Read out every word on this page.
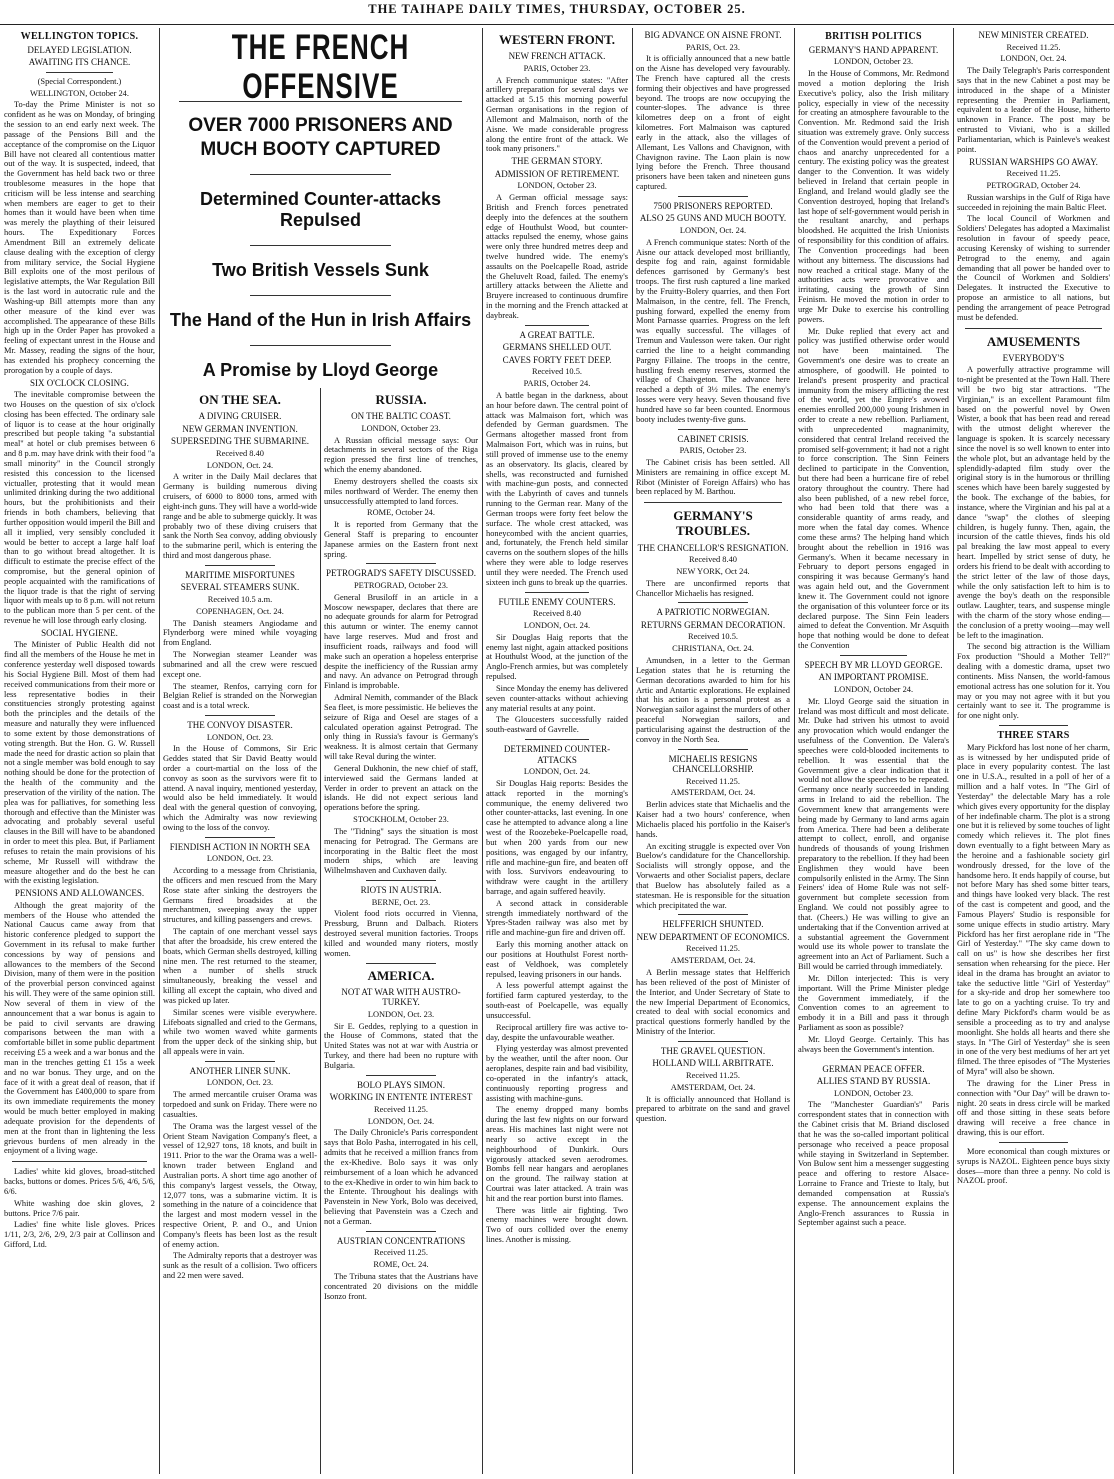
THE TAIHAPE DAILY TIMES, THURSDAY, OCTOBER 25.
WELLINGTON TOPICS.
DELAYED LEGISLATION.
AWAITING ITS CHANCE.
(Special Correspondent.)
WELLINGTON, October 24.

To-day the Prime Minister is not so confident as he was on Monday, of bringing the session to an end early next week. The passage of the Pensions Bill and the acceptance of the compromise on the Liquor Bill have not cleared all contentious matter out of the way. It is suspected, indeed, that the Government has held back two or three troublesome measures in the hope that criticism will be less intense and searching when members are eager to get to their homes than it would have been when time was merely the plaything of their leisured hours. The Expeditionary Forces Amendment Bill an extremely delicate clause dealing with the exception of clergy from military service, the Social Hygiene Bill exploits one of the most perilous of legislative attempts, the War Regulation Bill is the last word in autocratic rule and the Washing-up Bill attempts more than any other measure of the kind ever was accomplished. The appearance of these Bills high up in the Order Paper has provoked a feeling of expectant unrest in the House and Mr. Massey, reading the signs of the hour, has extended his prophecy concerning the prorogation by a couple of days.

SIX O'CLOCK CLOSING.

The inevitable compromise between the two Houses on the question of six o'clock closing has been effected. The ordinary sale of liquor is to cease at the hour originally prescribed but people taking "a substantial meal" at hotel or club premises between 6 and 8 p.m. may have drink with their food "a small minority" in the Council strongly resisted this concession to the licensed victualler, protesting that it would mean unlimited drinking during the two additional hours, but the prohibitionists and their friends in both chambers, believing that further opposition would imperil the Bill and all it implied, very sensibly concluded it would be better to accept a large half loaf than to go without bread altogether. It is difficult to estimate the precise effect of the compromise, but the general opinion of people acquainted with the ramifications of the liquor trade is that the right of serving liquor with meals up to 8 p.m. will not return to the publican more than 5 per cent. of the revenue he will lose through early closing.

SOCIAL HYGIENE.

The Minister of Public Health did not find all the members of the House he met in conference yesterday well disposed towards his Social Hygiene Bill. Most of them had received communications from their more or less representative bodies in their constituencies strongly protesting against both the principles and the details of the measure and naturally they were influenced to some extent by those demonstrations of voting strength. But the Hon. G. W. Russell made the need for drastic action so plain that not a single member was bold enough to say nothing should be done for the protection of the health of the community and the preservation of the virility of the nation. The plea was for palliatives, for something less thorough and effective than the Minister was advocating and probably several useful clauses in the Bill will have to be abandoned in order to meet this plea. But, if Parliament refuses to retain the main provisions of his scheme, Mr Russell will withdraw the measure altogether and do the best he can with the existing legislation.

PENSIONS AND ALLOWANCES.

Although the great majority of the members of the House who attended the National Caucus came away from that historic conference pledged to support the Government in its refusal to make further concessions by way of pensions and allowances to the members of the Second Division, many of them were in the position of the proverbial person convinced against his will. They were of the same opinion still. Now several of them in view of the announcement that a war bonus is again to be paid to civil servants are drawing comparisons between the man with a comfortable billet in some public department receiving £5 a week and a war bonus and the man in the trenches getting £1 15s a week and no war bonus. They urge, and on the face of it with a great deal of reason, that if the Government has £400,000 to spare from its own immediate requirements the money would be much better employed in making adequate provision for the dependents of men at the front than in lightening the less grievous burdens of men already in the enjoyment of a living wage.

Ladies' white kid gloves, broad-stitched backs, buttons or domes. Prices 5/6, 4/6, 5/6, 6/6.

White washing doe skin gloves, 2 buttons. Price 7/6 pair.

Ladies' fine white lisle gloves. Prices 1/11, 2/3, 2/6, 2/9, 2/3 pair at Collinson and Gifford, Ltd.

THE FRENCH OFFENSIVE
OVER 7000 PRISONERS AND MUCH BOOTY CAPTURED
Determined Counter-attacks Repulsed
Two British Vessels Sunk
The Hand of the Hun in Irish Affairs
A Promise by Lloyd George
ON THE SEA.
A DIVING CRUISER.
NEW GERMAN INVENTION.
SUPERSEDING THE SUBMARINE.
Received 8.40
LONDON, Oct. 24.

A writer in the Daily Mail declares that Germany is building numerous diving cruisers, of 6000 to 8000 tons, armed with eight-inch guns. They will have a world-wide range and be able to submerge quickly. It was probably two of these diving cruisers that sank the North Sea convoy, adding obviously to the submarine peril, which is entering the third and most dangerous phase.

MARITIME MISFORTUNES
SEVERAL STEAMERS SUNK.
Received 10.5 a.m.
COPENHAGEN, Oct. 24.

The Danish steamers Angiodame and Flynderborg were mined while voyaging from England.

The Norwegian steamer Leander was submarined and all the crew were rescued except one.

The steamer, Renfos, carrying corn for Belgian Relief is stranded on the Norwegian coast and is a total wreck.

THE CONVOY DISASTER.
LONDON, Oct. 23.

In the House of Commons, Sir Eric Geddes stated that Sir David Beatty would order a court-martial on the loss of the convoy as soon as the survivors were fit to attend. A naval inquiry, mentioned yesterday, would also be held immediately. It would deal with the general question of convoying, which the Admiralty was now reviewing owing to the loss of the convoy.

FIENDISH ACTION IN NORTH SEA
LONDON, Oct. 23.

According to a message from Christiania, the officers and men rescued from the Mary Rose state after sinking the destroyers the Germans fired broadsides at the merchantmen, sweeping away the upper structures, and killing passengers and crews.

The captain of one merchant vessel says that after the broadside, his crew entered the boats, which German shells destroyed, killing nine men. The rest returned to the steamer, when a number of shells struck simultaneously, breaking the vessel and killing all except the captain, who dived and was picked up later.

Similar scenes were visible everywhere. Lifeboats signalled and cried to the Germans, while two women waved white garments from the upper deck of the sinking ship, but all appeals were in vain.

ANOTHER LINER SUNK.
LONDON, Oct. 23.

The armed mercantile cruiser Orama was torpedoed and sunk on Friday. There were no casualties.

The Orama was the largest vessel of the Orient Steam Navigation Company's fleet, a vessel of 12,927 tons, 18 knots, and built in 1911. Prior to the war the Orama was a well-known trader between England and Australian ports. A short time ago another of this company's largest vessels, the Otway, 12,077 tons, was a submarine victim. It is something in the nature of a coincidence that the largest and most modern vessel in the respective Orient, P. and O., and Union Company's fleets has been lost as the result of enemy action.

The Admiralty reports that a destroyer was sunk as the result of a collision. Two officers and 22 men were saved.

RUSSIA.
ON THE BALTIC COAST.
LONDON, October 23.

A Russian official message says: Our detachments in several sectors of the Riga region pressed the first line of trenches, which the enemy abandoned.

Enemy destroyers shelled the coasts six miles northward of Werder. The enemy then unsuccessfully attempted to land forces.

ROME, October 24.

It is reported from Germany that the General Staff is preparing to encounter Japanese armies on the Eastern front next spring.

PETROGRAD'S SAFETY DISCUSSED.
PETROGRAD, October 23.

General Brusiloff in an article in a Moscow newspaper, declares that there are no adequate grounds for alarm for Petrograd this autumn or winter. The enemy cannot have large reserves. Mud and frost and insufficient roads, railways and food will make such an operation a hopeless enterprise despite the inefficiency of the Russian army and navy. An advance on Petrograd through Finland is improbable.

Admiral Nemith, commander of the Black Sea fleet, is more pessimistic. He believes the seizure of Riga and Oesel are stages of a calculated operation against Petrograd. The only thing in Russia's favour is Germany's weakness. It is almost certain that Germany will take Reval during the winter.

General Dukhonin, the new chief of staff, interviewed said the Germans landed at Verder in order to prevent an attack on the islands. He did not expect serious land operations before the spring.

STOCKHOLM, October 23.

The "Tidning" says the situation is most menacing for Petrograd. The Germans are incorporating in the Baltic fleet the most modern ships, which are leaving Wilhelmshaven and Cuxhaven daily.

RIOTS IN AUSTRIA.
BERNE, Oct. 23.

Violent food riots occurred in Vienna, Pressburg, Brunn and Dalbach. Rioters destroyed several munition factories. Troops killed and wounded many rioters, mostly women.

AMERICA.
NOT AT WAR WITH AUSTRO-TURKEY.
LONDON, Oct. 23.

Sir E. Geddes, replying to a question in the House of Commons, stated that the United States was not at war with Austria or Turkey, and there had been no rupture with Bulgaria.

BOLO PLAYS SIMON.
WORKING IN ENTENTE INTEREST
Received 11.25.
LONDON, Oct. 24.

The Daily Chronicle's Paris correspondent says that Bolo Pasha, interrogated in his cell, admits that he received a million francs from the ex-Khedive. Bolo says it was only reimbursement of a loan which he advanced to the ex-Khedive in order to win him back to the Entente. Throughout his dealings with Pavenstein in New York, Bolo was deceived, believing that Pavenstein was a Czech and not a German.

AUSTRIAN CONCENTRATIONS
Received 11.25.
ROME, Oct. 24.

The Tribuna states that the Austrians have concentrated 20 divisions on the middle Isonzo front.

WESTERN FRONT.
NEW FRENCH ATTACK.
PARIS, October 23.

A French communique states: "After artillery preparation for several days we attacked at 5.15 this morning powerful German organisations in the region of Allemont and Malmaison, north of the Aisne. We made considerable progress along the entire front of the attack. We took many prisoners."

THE GERMAN STORY.
ADMISSION OF RETIREMENT.
LONDON, October 23.

A German official message says: British and French forces penetrated deeply into the defences at the southern edge of Houthulst Wood, but counter-attacks repulsed the enemy, whose gains were only three hundred metres deep and twelve hundred wide. The enemy's assaults on the Poelcapelle Road, astride the Gheluvelt Road, failed. The enemy's artillery attacks between the Aliette and Bruyere increased to continuous drumfire in the morning and the French attacked at daybreak.

A GREAT BATTLE.
GERMANS SHELLED OUT.
CAVES FORTY FEET DEEP.
Received 10.5.
PARIS, October 24.

A battle began in the darkness, about an hour before dawn. The central point of attack was Malmaison fort, which was defended by German guardsmen. The Germans altogether massed front from Malmaison Fort, which was in ruins, but still proved of immense use to the enemy as an observatory. Its glacis, cleared by shells, was reconstructed and furnished with machine-gun posts, and connected with the Labyrinth of caves and tunnels running to the German rear. Many of the German troops were forty feet below the surface. The whole crest attacked, was honeycombed with the ancient quarries, and, fortunately, the French held similar caverns on the southern slopes of the hills where they were able to lodge reserves until they were needed. The French used sixteen inch guns to break up the quarries.

FUTILE ENEMY COUNTERS.
Received 8.40
LONDON, Oct. 24.

Sir Douglas Haig reports that the enemy last night, again attacked positions at Houthulst Wood, at the junction of the Anglo-French armies, but was completely repulsed.

Since Monday the enemy has delivered seven counter-attacks without achieving any material results at any point.

The Gloucesters successfully raided south-eastward of Gavrelle.

DETERMINED COUNTER-ATTACKS
LONDON, Oct. 24.

Sir Douglas Haig reports: Besides the attack reported in the morning's communique, the enemy delivered two other counter-attacks, last evening. In one case he attempted to advance along a line west of the Roozebeke-Poelcapelle road, but when 200 yards from our new positions, was engaged by our infantry, rifle and machine-gun fire, and beaten off with loss. Survivors endeavouring to withdraw were caught in the artillery barrage, and again suffered heavily.

A second attack in considerable strength immediately northward of the Ypres-Staden railway was also met by rifle and machine-gun fire and driven off.

Early this morning another attack on our positions at Houthulst Forest north-east of Veldhoek, was completely repulsed, leaving prisoners in our hands.

A less powerful attempt against the fortified farm captured yesterday, to the south-east of Poelcapelle, was equally unsuccessful.

Reciprocal artillery fire was active to-day, despite the unfavourable weather.

Flying yesterday was almost prevented by the weather, until the after noon. Our aeroplanes, despite rain and bad visibility, co-operated in the infantry's attack, continuously reporting progress and assisting with machine-guns.

The enemy dropped many bombs during the last few nights on our forward areas. His machines last night were not nearly so active except in the neighbourhood of Dunkirk. Ours vigorously attacked seven aerodromes. Bombs fell near hangars and aeroplanes on the ground. The railway station at Courtrai was later attacked. A train was hit and the rear portion burst into flames.

There was little air fighting. Two enemy machines were brought down. Two of ours collided over the enemy lines. Another is missing.

BIG ADVANCE ON AISNE FRONT.
PARIS, Oct. 23.

It is officially announced that a new battle on the Aisne has developed very favourably. The French have captured all the crests forming their objectives and have progressed beyond. The troops are now occupying the counter-slopes. The advance is three kilometres deep on a front of eight kilometres. Fort Malmaison was captured early in the attack, also the villages of Allemant, Les Vallons and Chavignon, with Chavignon ravine. The Laon plain is now lying before the French. Three thousand prisoners have been taken and nineteen guns captured.

7500 PRISONERS REPORTED.
ALSO 25 GUNS AND MUCH BOOTY.
LONDON, Oct. 24.

A French communique states: North of the Aisne our attack developed most brilliantly, despite fog and rain, against formidable defences garrisoned by Germany's best troops. The first rush captured a line marked by the Fruitty-Bolery quarries, and then Fort Malmaison, in the centre, fell. The French, pushing forward, expelled the enemy from Mont Parnasse quarries. Progress on the left was equally successful. The villages of Tremun and Vaulesson were taken. Our right carried the line to a height commanding Pargny Fillaine. The troops in the centre, hustling fresh enemy reserves, stormed the village of Chaivgeton. The advance here reached a depth of 3½ miles. The enemy's losses were very heavy. Seven thousand five hundred have so far been counted. Enormous booty includes twenty-five guns.

CABINET CRISIS.
PARIS, October 23.

The Cabinet crisis has been settled. All Ministers are remaining in office except M. Ribot (Minister of Foreign Affairs) who has been replaced by M. Barthou.

GERMANY'S TROUBLES.
THE CHANCELLOR'S RESIGNATION.
Received 8.40
NEW YORK, Oct 24.

There are unconfirmed reports that Chancellor Michaelis has resigned.

A PATRIOTIC NORWEGIAN.
RETURNS GERMAN DECORATION.
Received 10.5.
CHRISTIANA, Oct. 24.

Amundsen, in a letter to the German Legation states that he is returning the German decorations awarded to him for his Artic and Antartic explorations. He explained that his action is a personal protest as a Norwegian sailor against the murders of other peaceful Norwegian sailors, and particularising against the destruction of the convoy in the North Sea.

MICHAELIS RESIGNS CHANCELLORSHIP.
Received 11.25.
AMSTERDAM, Oct. 24.

Berlin advices state that Michaelis and the Kaiser had a two hours' conference, when Michaelis placed his portfolio in the Kaiser's hands.

An exciting struggle is expected over Von Buelow's candidature for the Chancellorship. Socialists will strongly oppose, and the Vorwaerts and other Socialist papers, declare that Buelow has absolutely failed as a statesman. He is responsible for the situation which precipitated the war.

HELFFERICH SHUNTED.
NEW DEPARTMENT OF ECONOMICS.
Received 11.25.
AMSTERDAM, Oct. 24.

A Berlin message states that Helfferich has been relieved of the post of Minister of the Interior, and Under Secretary of State to the new Imperial Department of Economics, created to deal with social economics and practical questions formerly handled by the Ministry of the Interior.

THE GRAVEL QUESTION.
HOLLAND WILL ARBITRATE.
Received 11.25.
AMSTERDAM, Oct. 24.

It is officially announced that Holland is prepared to arbitrate on the sand and gravel question.

BRITISH POLITICS
GERMANY'S HAND APPARENT.
LONDON, October 23.

In the House of Commons, Mr. Redmond moved a motion deploring the Irish Executive's policy, also the Irish military policy, especially in view of the necessity for creating an atmosphere favourable to the Convention. Mr. Redmond said the Irish situation was extremely grave. Only success of the Convention would prevent a period of chaos and anarchy unprecedented for a century. The existing policy was the greatest danger to the Convention. It was widely believed in Ireland that certain people in England, and Ireland would gladly see the Convention destroyed, hoping that Ireland's last hope of self-government would perish in the resultant anarchy, and perhaps bloodshed. He acquitted the Irish Unionists of responsibility for this condition of affairs. The Convention proceedings had been without any bitterness. The discussions had now reached a critical stage. Many of the authorities acts were provocative and irritating, causing the growth of Sinn Feinism. He moved the motion in order to urge Mr Duke to exercise his controlling powers.

Mr. Duke replied that every act and policy was justified otherwise order would not have been maintained. The Government's one desire was to create an atmosphere, of goodwill. He pointed to Ireland's present prosperity and practical immunity from the misery afflicting the rest of the world, yet the Empire's avowed enemies enrolled 200,000 young Irishmen in order to create a new rebellion. Parliament, with unprecedented magnanimity, considered that central Ireland received the promised self-government; it had not a right to force conscription. The Sinn Feiners declined to participate in the Convention, but there had been a hurricane fire of rebel oratory throughout the country. There had also been published, of a new rebel force, who had been told that there was a considerable quantity of arms ready, and more when the fatal day comes. Whence come these arms? The helping hand which brought about the rebellion in 1916 was Germany's. When it became necessary in February to deport persons engaged in conspiring it was because Germany's hand was again held out, and the Government knew it. The Government could not ignore the organisation of this volunteer force or its declared purpose. The Sinn Fein leaders aimed to defeat the Convention. Mr Asquith hope that nothing would be done to defeat the Convention

SPEECH BY MR LLOYD GEORGE.
AN IMPORTANT PROMISE.
LONDON, October 24.

Mr. Lloyd George said the situation in Ireland was most difficult and most delicate. Mr. Duke had striven his utmost to avoid any provocation which would endanger the usefulness of the Convention. De Valera's speeches were cold-blooded incitements to rebellion. It was essential that the Government give a clear indication that it would not allow the speeches to be repeated. Germany once nearly succeeded in landing arms in Ireland to aid the rebellion. The Government knew that arrangements were being made by Germany to land arms again from America. There had been a deliberate attempt to collect, enroll, and organise hundreds of thousands of young Irishmen preparatory to the rebellion. If they had been Englishmen they would have been compulsorily enlisted in the Army. The Sinn Feiners' idea of Home Rule was not self-government but complete secession from England. We could not possibly agree to that. (Cheers.) He was willing to give an undertaking that if the Convention arrived at a substantial agreement the Government would use its whole power to translate the agreement into an Act of Parliament. Such a Bill would be carried through immediately.

Mr. Dillon interjected: This is very important. Will the Prime Minister pledge the Government immediately, if the Convention comes to an agreement to embody it in a Bill and pass it through Parliament as soon as possible?

Mr. Lloyd George. Certainly. This has always been the Government's intention.

GERMAN PEACE OFFER.
ALLIES STAND BY RUSSIA.
LONDON, October 23.

The "Manchester Guardian's" Paris correspondent states that in connection with the Cabinet crisis that M. Briand disclosed that he was the so-called important political personage who received a peace proposal while staying in Switzerland in September. Von Bulow sent him a messenger suggesting peace and offering to restore Alsace-Lorraine to France and Trieste to Italy, but demanded compensation at Russia's expense. The announcement explains the Anglo-French assurances to Russia in September against such a peace.

NEW MINISTER CREATED.
Received 11.25.
LONDON, Oct. 24.

The Daily Telegraph's Paris correspondent says that in the new Cabinet a post may be introduced in the shape of a Minister representing the Premier in Parliament, equivalent to a leader of the House, hitherto unknown in France. The post may be entrusted to Viviani, who is a skilled Parliamentarian, which is Painleve's weakest point.

RUSSIAN WARSHIPS GO AWAY.
Received 11.25.
PETROGRAD, October 24.

Russian warships in the Gulf of Riga have succeeded in rejoining the main Baltic Fleet.

The local Council of Workmen and Soldiers' Delegates has adopted a Maximalist resolution in favour of speedy peace, accusing Kerensky of wishing to surrender Petrograd to the enemy, and again demanding that all power be handed over to the Council of Workmen and Soldiers' Delegates. It instructed the Executive to propose an armistice to all nations, but pending the arrangement of peace Petrograd must be defended.

AMUSEMENTS
EVERYBODY'S

A powerfully attractive programme will to-night be presented at the Town Hall. There will be two big star attractions. "The Virginian," is an excellent Paramount film based on the powerful novel by Owen Wister, a book that has been read and reread with the utmost delight wherever the language is spoken. It is scarcely necessary since the novel is so well known to enter into the whole plot, but an advantage held by the splendidly-adapted film study over the original story is in the humorous or thrilling scenes which have been barely suggested by the book. The exchange of the babies, for instance, where the Virginian and his pal at a dance "swap" the clothes of sleeping children, is hugely funny. Then, again, the incursion of the cattle thieves, finds his old pal breaking the law most appeal to every heart. Impelled by strict sense of duty, he orders his friend to be dealt with according to the strict letter of the law of those days, while the only satisfaction left to him is to avenge the boy's death on the responsible outlaw. Laughter, tears, and suspense mingle with the charm of the story whose ending—the conclusion of a pretty wooing—may well be left to the imagination.

The second big attraction is the William Fox production "Should a Mother Tell?" dealing with a domestic drama, upset two continents. Miss Nansen, the world-famous emotional actress has one solution for it. You may or you may not agree with it but you certainly want to see it. The programme is for one night only.

THREE STARS

Mary Pickford has lost none of her charm, as is witnessed by her undisputed pride of place in every popularity contest. The last one in U.S.A., resulted in a poll of her of a million and a half votes. In "The Girl of Yesterday" the delectable Mary has a role which gives every opportunity for the display of her indefinable charm. The plot is a strong one but it is relieved by some touches of light comedy which relieves it. The plot fines down eventually to a fight between Mary as the heroine and a fashionable society girl wondrously dressed, for the love of the handsome hero. It ends happily of course, but not before Mary has shed some bitter tears, and things have looked very black. The rest of the cast is competent and good, and the Famous Players' Studio is responsible for some unique effects in studio artistry. Mary Pickford has her first aeroplane ride in "The Girl of Yesterday." "The sky came down to call on us" is how she describes her first sensation when rehearsing for the piece. Her ideal in the drama has brought an aviator to take the seductive little "Girl of Yesterday" for a sky-ride and drop her somewhere too late to go on a yachting cruise. To try and define Mary Pickford's charm would be as sensible a proceeding as to try and analyse moonlight. She holds all hearts and there she stays. In "The Girl of Yesterday" she is seen in one of the very best mediums of her art yet filmed. The three episodes of "The Mysteries of Myra" will also be shown.

The drawing for the Liner Press in connection with "Our Day" will be drawn to-night. 20 seats in dress circle will be marked off and those sitting in these seats before drawing will receive a free chance in drawing, this is our effort.

More economical than cough mixtures or syrups is NAZOL. Eighteen pence buys sixty doses—more than three a penny. No cold is NAZOL proof.
